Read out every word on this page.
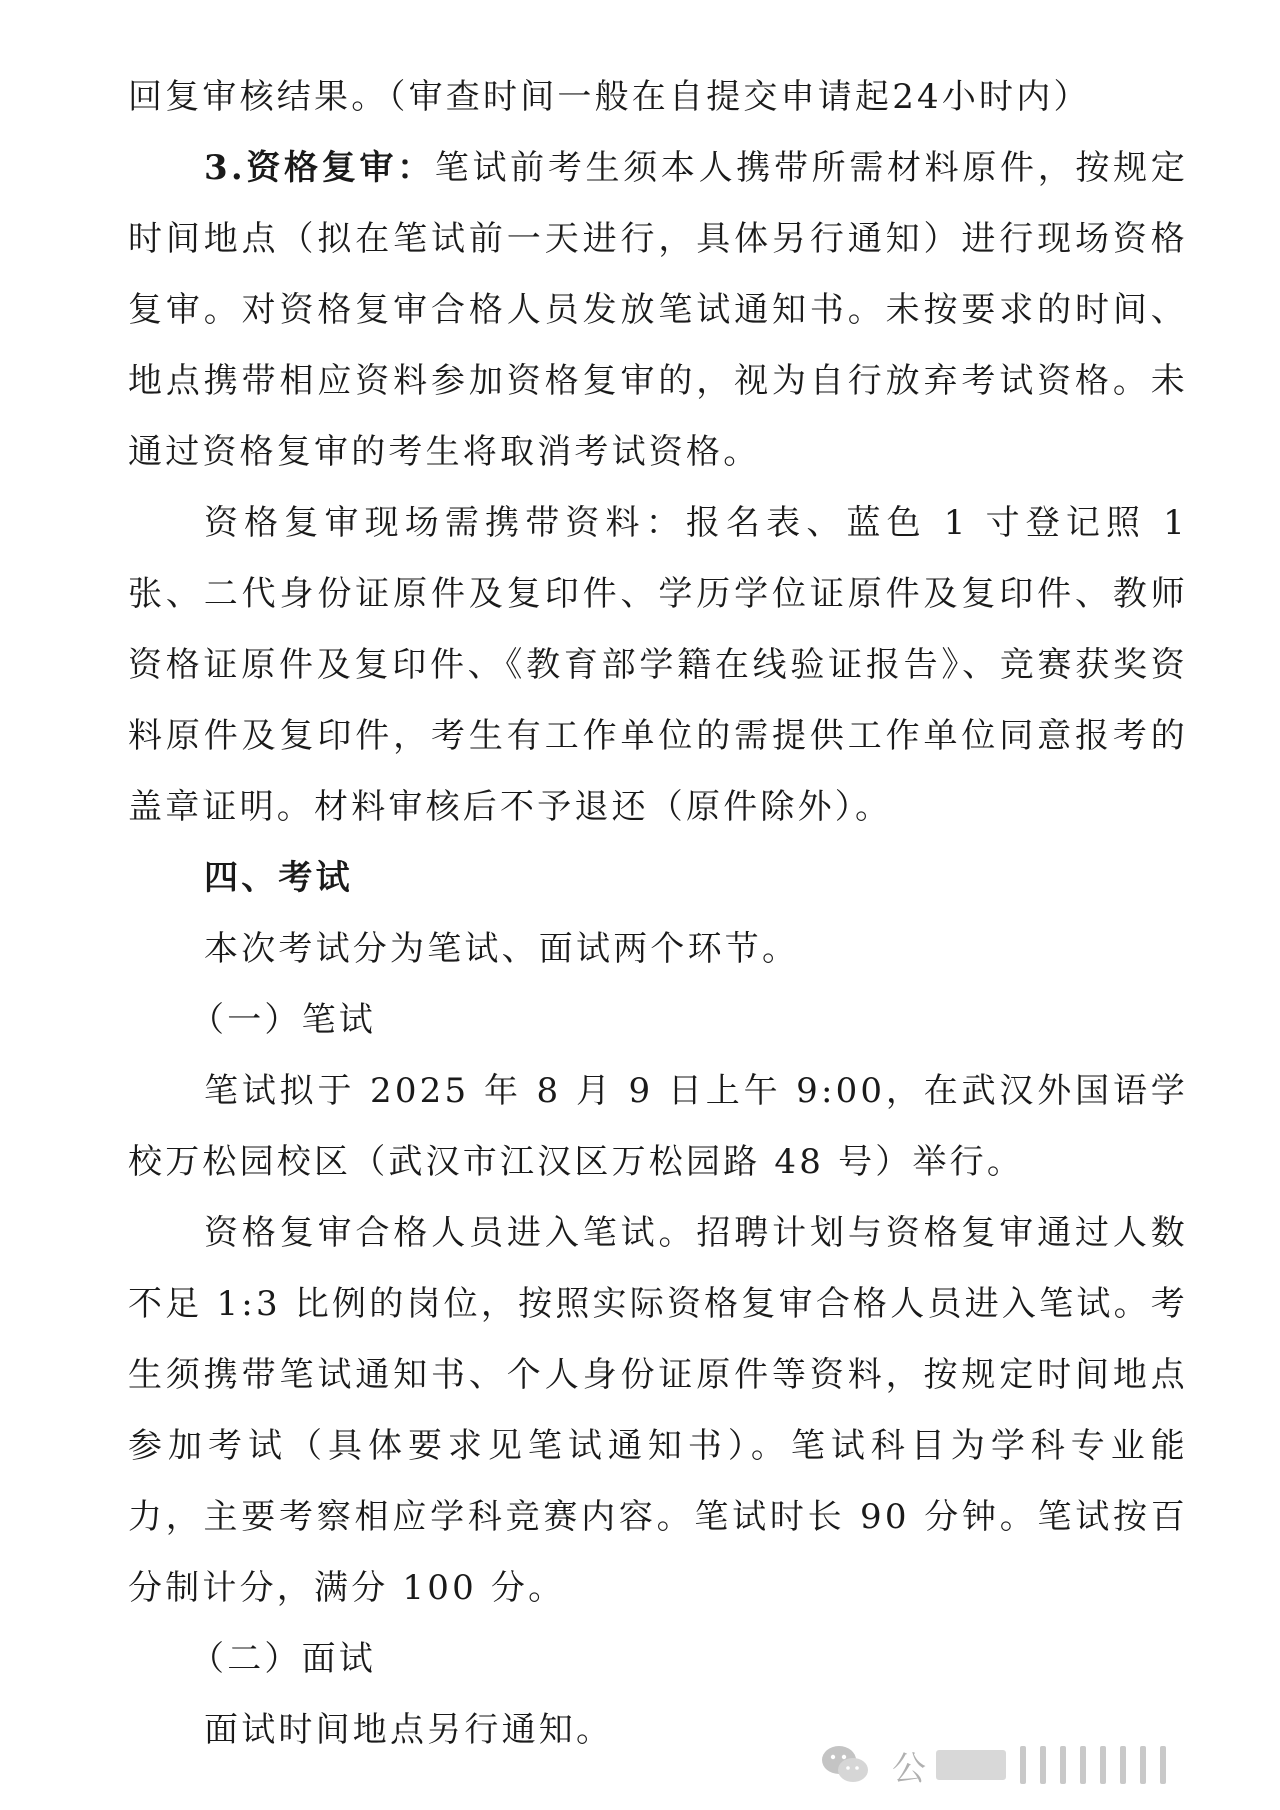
回复审核结果。（审查时间一般在自提交申请起24小时内）

3.资格复审：笔试前考生须本人携带所需材料原件，按规定时间地点（拟在笔试前一天进行，具体另行通知）进行现场资格复审。对资格复审合格人员发放笔试通知书。未按要求的时间、地点携带相应资料参加资格复审的，视为自行放弃考试资格。未通过资格复审的考生将取消考试资格。

资格复审现场需携带资料：报名表、蓝色 1 寸登记照 1 张、二代身份证原件及复印件、学历学位证原件及复印件、教师资格证原件及复印件、《教育部学籍在线验证报告》、竞赛获奖资料原件及复印件，考生有工作单位的需提供工作单位同意报考的盖章证明。材料审核后不予退还（原件除外）。

四、考试

本次考试分为笔试、面试两个环节。

（一）笔试

笔试拟于 2025 年 8 月 9 日上午 9:00，在武汉外国语学校万松园校区（武汉市江汉区万松园路 48 号）举行。

资格复审合格人员进入笔试。招聘计划与资格复审通过人数不足 1:3 比例的岗位，按照实际资格复审合格人员进入笔试。考生须携带笔试通知书、个人身份证原件等资料，按规定时间地点参加考试（具体要求见笔试通知书）。笔试科目为学科专业能力，主要考察相应学科竞赛内容。笔试时长 90 分钟。笔试按百分制计分，满分 100 分。

（二）面试

面试时间地点另行通知。

公
